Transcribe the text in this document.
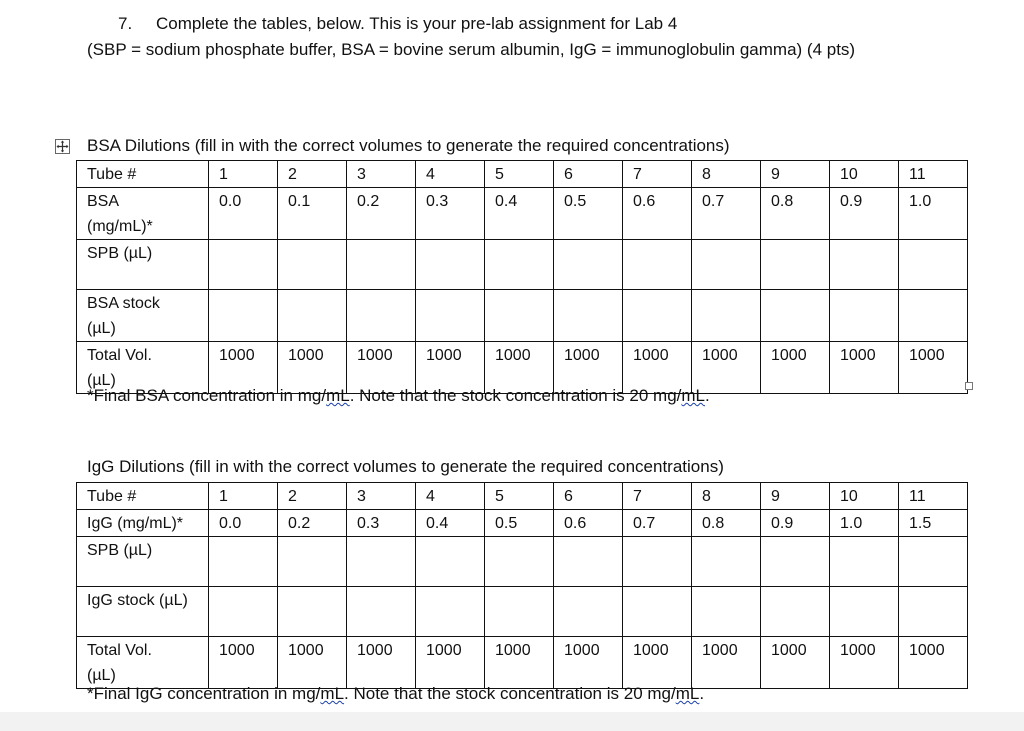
7. Complete the tables, below. This is your pre-lab assignment for Lab 4
(SBP = sodium phosphate buffer, BSA = bovine serum albumin, IgG = immunoglobulin gamma) (4 pts)
BSA Dilutions (fill in with the correct volumes to generate the required concentrations)
Tube #	1	2	3	4	5	6	7	8	9	10	11

BSA
(mg/mL)*	0.0	0.1	0.2	0.3	0.4	0.5	0.6	0.7	0.8	0.9	1.0
SPB (µL)											

BSA stock
(µL)											

Total Vol.
(µL)	1000	1000	1000	1000	1000	1000	1000	1000	1000	1000	1000
*Final BSA concentration in mg/mL. Note that the stock concentration is 20 mg/mL.
IgG Dilutions (fill in with the correct volumes to generate the required concentrations)
Tube #	1	2	3	4	5	6	7	8	9	10	11
IgG (mg/mL)*	0.0	0.2	0.3	0.4	0.5	0.6	0.7	0.8	0.9	1.0	1.5
SPB (µL)											
IgG stock (µL)											

Total Vol.
(µL)	1000	1000	1000	1000	1000	1000	1000	1000	1000	1000	1000
*Final IgG concentration in mg/mL. Note that the stock concentration is 20 mg/mL.
